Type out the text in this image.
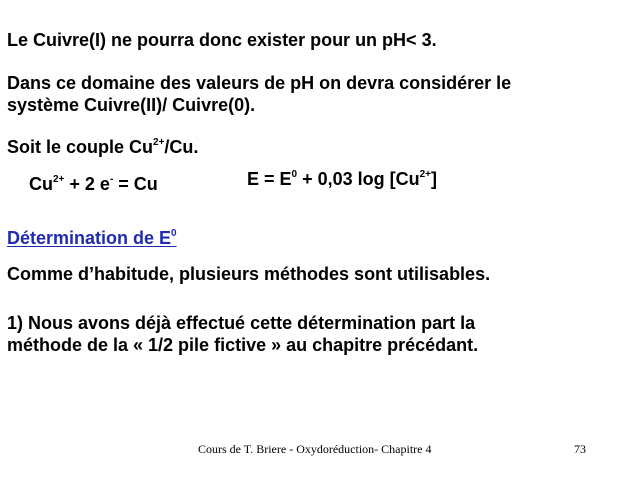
Le Cuivre(I) ne pourra donc exister pour un pH< 3.
Dans ce domaine des valeurs de pH on devra considérer le
système Cuivre(II)/ Cuivre(0).
Soit le couple $Cu^{2+}/Cu$.
$Cu^{2+} + 2$ e- = Cu	$E = E^0 + 0,03$ $\log [Cu^{2+}]$
Détermination de $E^0$
Comme d’habitude, plusieurs méthodes sont utilisables.
1) Nous avons déjà effectué cette détermination part la
méthode de la « 1/2 pile fictive » au chapitre précédant.
Cours de T. Briere - Oxydoréduction- Chapitre 4	73
